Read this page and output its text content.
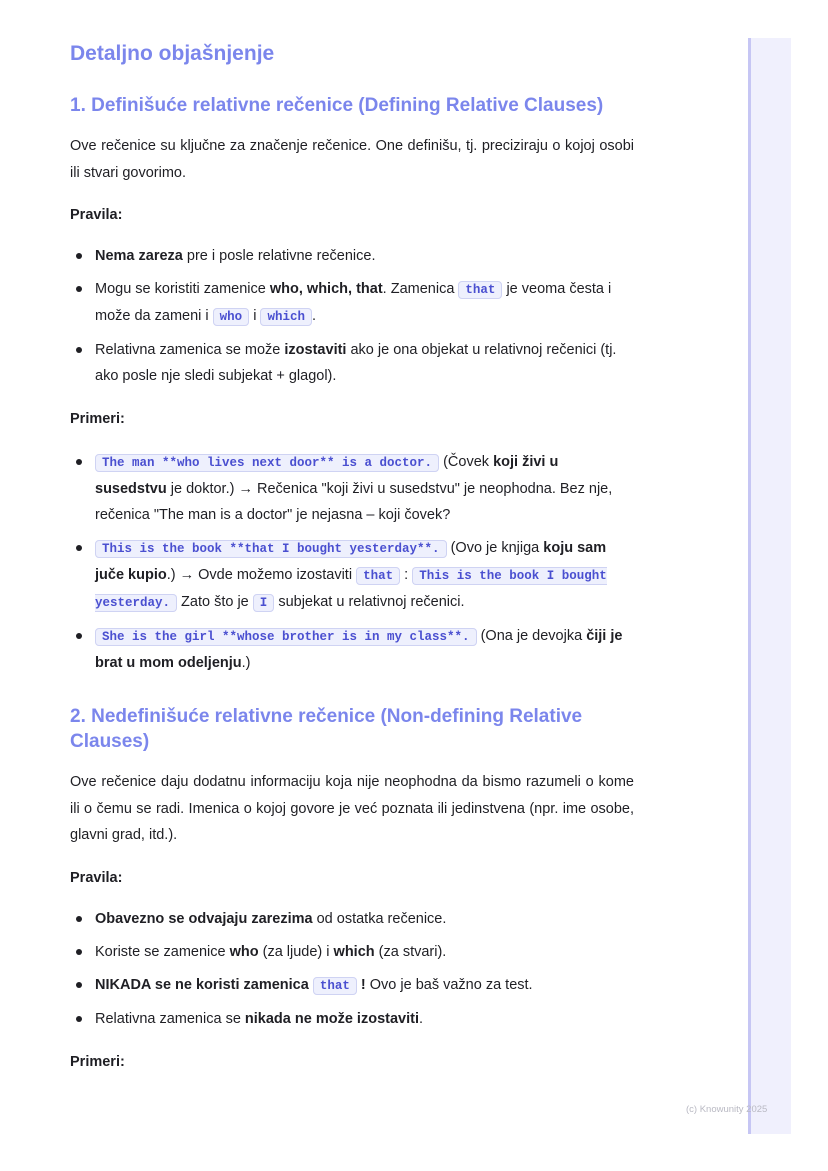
Detaljno objašnjenje
1. Definišuće relativne rečenice (Defining Relative Clauses)

Ove rečenice su ključne za značenje rečenice. One definišu, tj. preciziraju o kojoj osobi ili stvari govorimo.

Pravila:

Nema zareza pre i posle relativne rečenice.
Mogu se koristiti zamenice who, which, that. Zamenica that je veoma česta i može da zameni i who i which .
Relativna zamenica se može izostaviti ako je ona objekat u relativnoj rečenici (tj. ako posle nje sledi subjekat + glagol).

Primeri:

The man **who lives next door** is a doctor. (Čovek koji živi u susedstvu je doktor.) → Rečenica "koji živi u susedstvu" je neophodna. Bez nje, rečenica "The man is a doctor" je nejasna – koji čovek?
This is the book **that I bought yesterday**. (Ovo je knjiga koju sam juče kupio.) → Ovde možemo izostaviti that : This is the book I bought yesterday. Zato što je I subjekat u relativnoj rečenici.
She is the girl **whose brother is in my class**. (Ona je devojka čiji je brat u mom odeljenju.)
2. Nedefinišuće relativne rečenice (Non-defining Relative Clauses)

Ove rečenice daju dodatnu informaciju koja nije neophodna da bismo razumeli o kome ili o čemu se radi. Imenica o kojoj govore je već poznata ili jedinstvena (npr. ime osobe, glavni grad, itd.).

Pravila:

Obavezno se odvajaju zarezima od ostatka rečenice.
Koriste se zamenice who (za ljude) i which (za stvari).
NIKADA se ne koristi zamenica that ! Ovo je baš važno za test.
Relativna zamenica se nikada ne može izostaviti.

Primeri:

(c) Knowunity 2025
